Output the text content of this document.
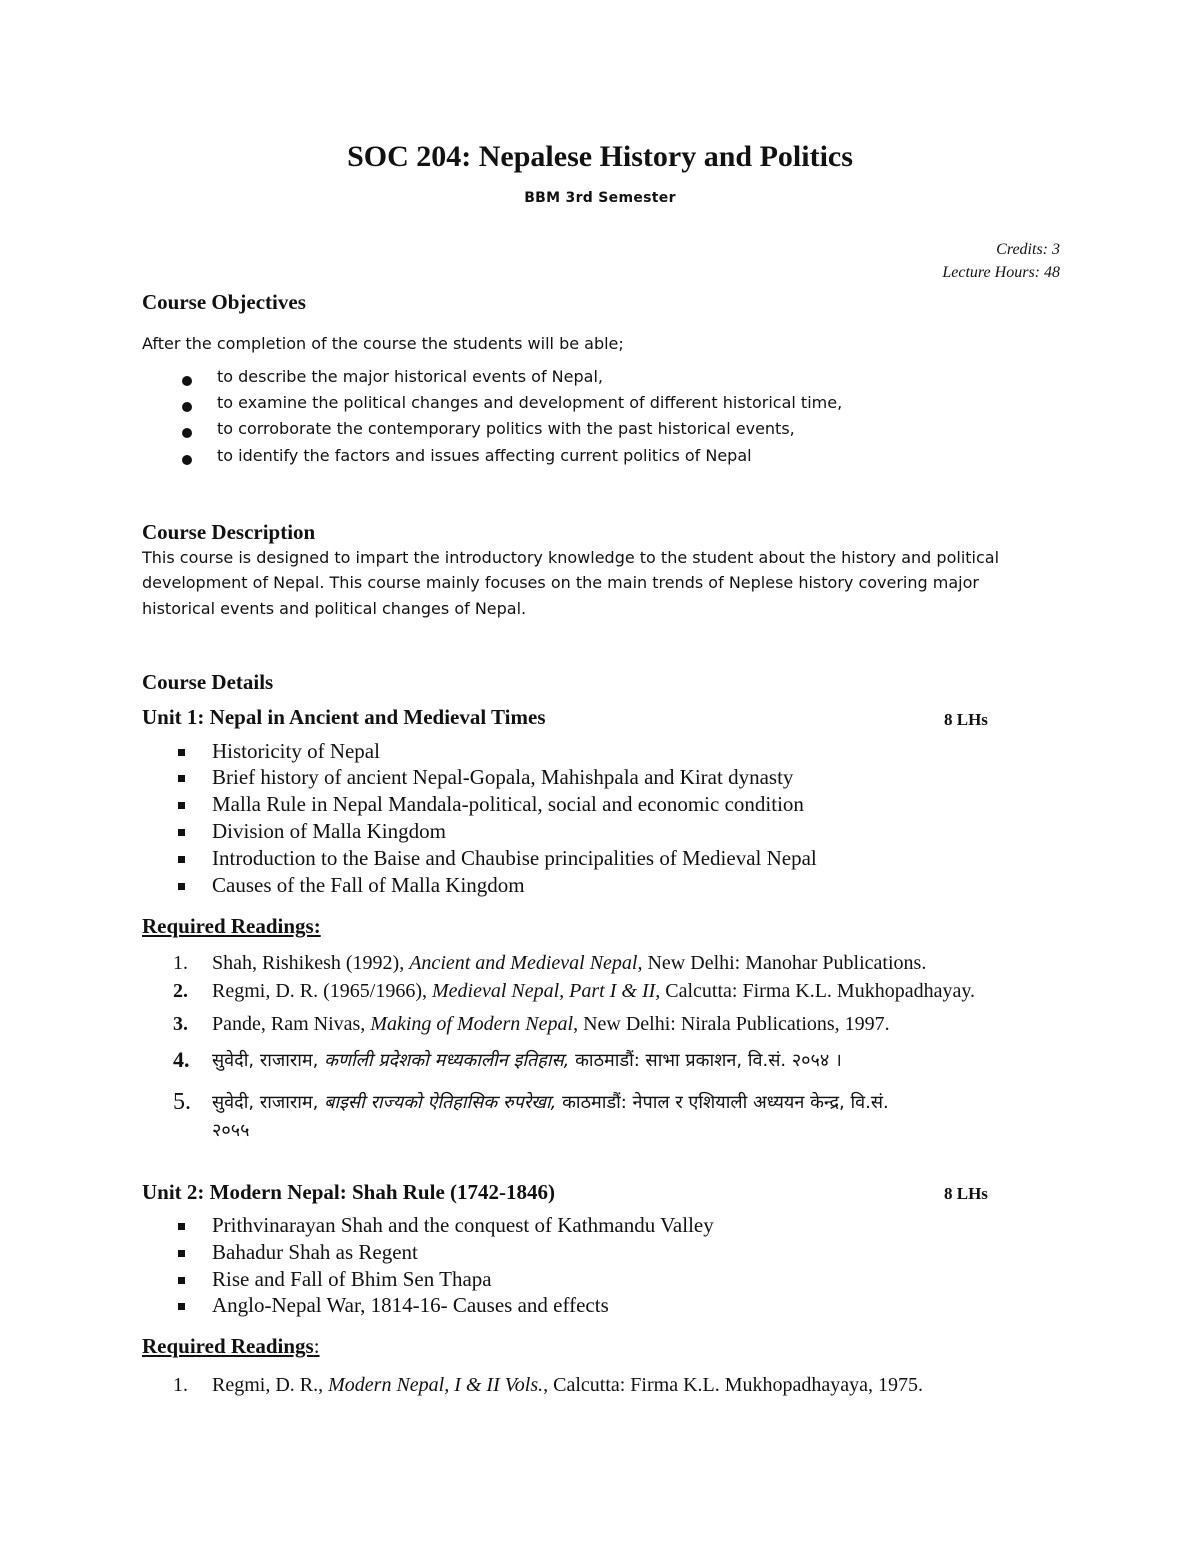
SOC 204: Nepalese History and Politics
BBM 3rd Semester
Credits: 3
Lecture Hours: 48
Course Objectives
After the completion of the course the students will be able;
to describe the major historical events of Nepal,
to examine the political changes and development of different historical time,
to corroborate the contemporary politics with the past historical events,
to identify the factors and issues affecting current politics of Nepal
Course Description
This course is designed to impart the introductory knowledge to the student about the history and political
development of Nepal. This course mainly focuses on the main trends of Neplese history covering major
historical events and political changes of Nepal.
Course Details
Unit 1: Nepal in Ancient and Medieval Times	8 LHs
Historicity of Nepal
Brief history of ancient Nepal-Gopala, Mahishpala and Kirat dynasty
Malla Rule in Nepal Mandala-political, social and economic condition
Division of Malla Kingdom
Introduction to the Baise and Chaubise principalities of Medieval Nepal
Causes of the Fall of Malla Kingdom
Required Readings:
1. Shah, Rishikesh (1992), Ancient and Medieval Nepal, New Delhi: Manohar Publications.
2. Regmi, D. R. (1965/1966), Medieval Nepal, Part I & II, Calcutta: Firma K.L. Mukhopadhayay.
3. Pande, Ram Nivas, Making of Modern Nepal, New Delhi: Nirala Publications, 1997.
4. सुवेदी, राजाराम, कर्णाली प्रदेशको मध्यकालीन इतिहास, काठमाडौं: साभा प्रकाशन, वि.सं. २०५४ ।
5. सुवेदी, राजाराम, बाइसी राज्यको ऐतिहासिक रुपरेखा, काठमाडौं: नेपाल र एशियाली अध्ययन केन्द्र, वि.सं.
२०५५
Unit 2: Modern Nepal: Shah Rule (1742-1846)	8 LHs
Prithvinarayan Shah and the conquest of Kathmandu Valley
Bahadur Shah as Regent
Rise and Fall of Bhim Sen Thapa
Anglo-Nepal War, 1814-16- Causes and effects
Required Readings:
1. Regmi, D. R., Modern Nepal, I & II Vols., Calcutta: Firma K.L. Mukhopadhayaya, 1975.
